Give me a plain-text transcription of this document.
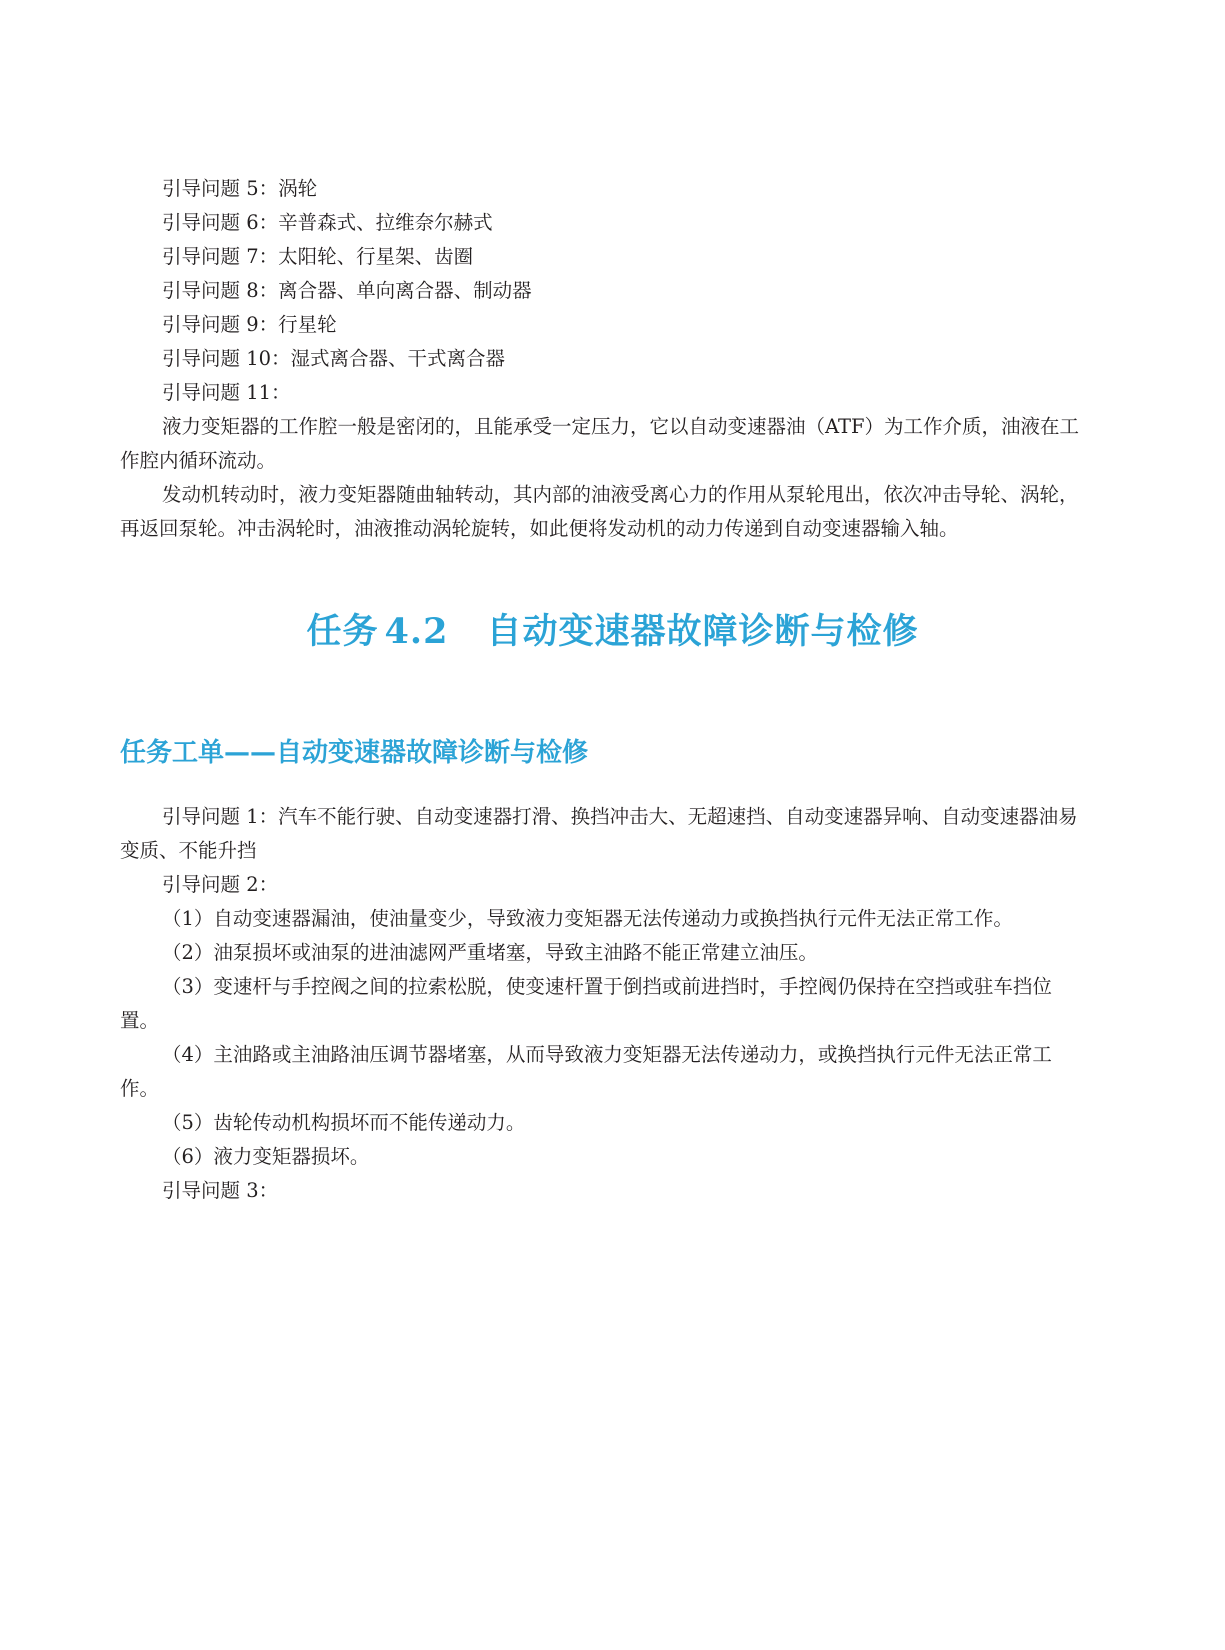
引导问题 5：涡轮

引导问题 6：辛普森式、拉维奈尔赫式

引导问题 7：太阳轮、行星架、齿圈

引导问题 8：离合器、单向离合器、制动器

引导问题 9：行星轮

引导问题 10：湿式离合器、干式离合器

引导问题 11：

液力变矩器的工作腔一般是密闭的，且能承受一定压力，它以自动变速器油（ATF）为工作介质，油液在工作腔内循环流动。

发动机转动时，液力变矩器随曲轴转动，其内部的油液受离心力的作用从泵轮甩出，依次冲击导轮、涡轮，再返回泵轮。冲击涡轮时，油液推动涡轮旋转，如此便将发动机的动力传递到自动变速器输入轴。

任务 4.2 自动变速器故障诊断与检修
任务工单——自动变速器故障诊断与检修

引导问题 1：汽车不能行驶、自动变速器打滑、换挡冲击大、无超速挡、自动变速器异响、自动变速器油易变质、不能升挡

引导问题 2：

（1）自动变速器漏油，使油量变少，导致液力变矩器无法传递动力或换挡执行元件无法正常工作。

（2）油泵损坏或油泵的进油滤网严重堵塞，导致主油路不能正常建立油压。

（3）变速杆与手控阀之间的拉索松脱，使变速杆置于倒挡或前进挡时，手控阀仍保持在空挡或驻车挡位置。

（4）主油路或主油路油压调节器堵塞，从而导致液力变矩器无法传递动力，或换挡执行元件无法正常工作。

（5）齿轮传动机构损坏而不能传递动力。

（6）液力变矩器损坏。

引导问题 3：
